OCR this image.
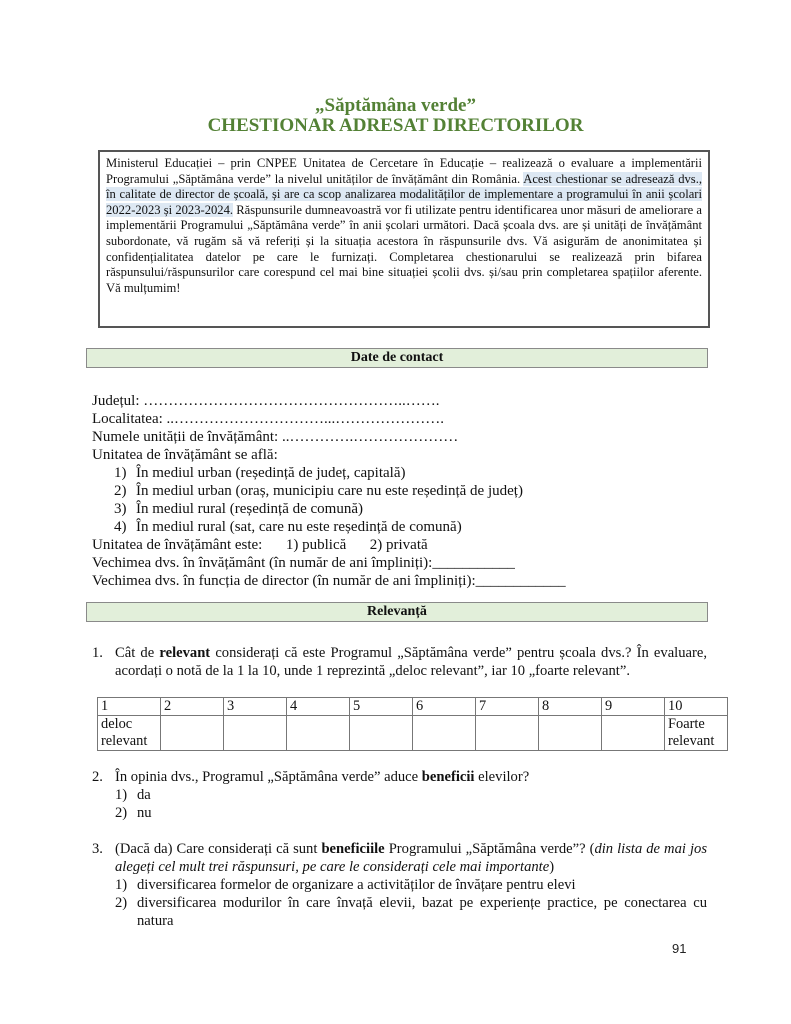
„Săptămâna verde”
CHESTIONAR ADRESAT DIRECTORILOR
Ministerul Educației – prin CNPEE Unitatea de Cercetare în Educație – realizează o evaluare a implementării Programului „Săptămâna verde” la nivelul unităților de învățământ din România. Acest chestionar se adresează dvs., în calitate de director de școală, și are ca scop analizarea modalităților de implementare a programului în anii școlari 2022-2023 și 2023-2024. Răspunsurile dumneavoastră vor fi utilizate pentru identificarea unor măsuri de ameliorare a implementării Programului „Săptămâna verde” în anii școlari următori. Dacă școala dvs. are și unități de învățământ subordonate, vă rugăm să vă referiți și la situația acestora în răspunsurile dvs. Vă asigurăm de anonimitatea și confidențialitatea datelor pe care le furnizați. Completarea chestionarului se realizează prin bifarea răspunsului/răspunsurilor care corespund cel mai bine situației școlii dvs. și/sau prin completarea spațiilor aferente. Vă mulțumim!
Date de contact
Județul: ……………………………………………..…….
Localitatea: ..…………………………...………………….
Numele unității de învățământ: ..………….…………………
Unitatea de învățământ se află:
1) În mediul urban (reședință de județ, capitală)
2) În mediul urban (oraș, municipiu care nu este reședință de județ)
3) În mediul rural (reședință de comună)
4) În mediul rural (sat, care nu este reședință de comună)
Unitatea de învățământ este: 1) publică 2) privată
Vechimea dvs. în învățământ (în număr de ani împliniți):___________
Vechimea dvs. în funcția de director (în număr de ani împliniți):____________
Relevanță
1. Cât de relevant considerați că este Programul „Săptămâna verde” pentru școala dvs.? În evaluare, acordați o notă de la 1 la 10, unde 1 reprezintă „deloc relevant”, iar 10 „foarte relevant”.
1	2	3	4	5	6	7	8	9	10
deloc relevant									Foarte relevant
2. În opinia dvs., Programul „Săptămâna verde” aduce beneficii elevilor?
1) da
2) nu
3. (Dacă da) Care considerați că sunt beneficiile Programului „Săptămâna verde”? (din lista de mai jos alegeți cel mult trei răspunsuri, pe care le considerați cele mai importante)
1) diversificarea formelor de organizare a activităților de învățare pentru elevi
2) diversificarea modurilor în care învață elevii, bazat pe experiențe practice, pe conectarea cu natura
91
